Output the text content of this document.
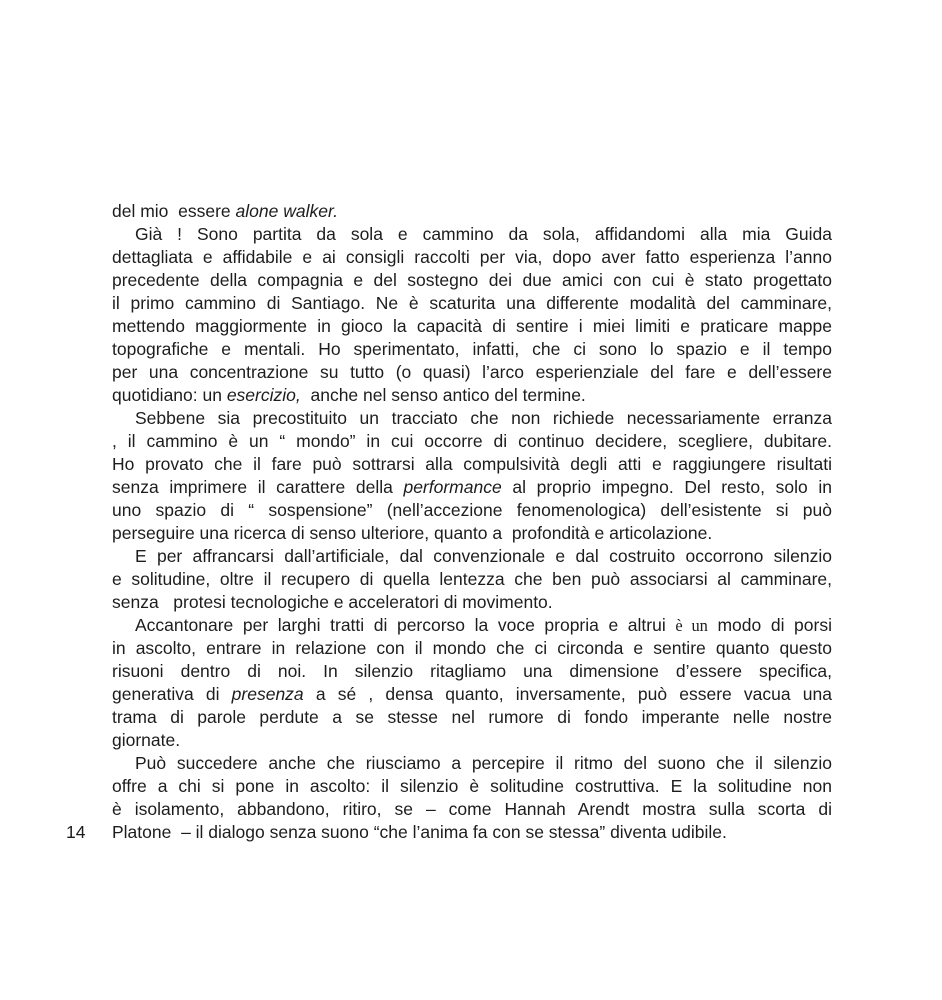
14
del mio  essere alone walker.
Già ! Sono partita da sola e cammino da sola, affidandomi alla mia Guida
dettagliata e affidabile e ai consigli raccolti per via, dopo aver fatto esperienza l’anno
precedente della compagnia e del sostegno dei due amici con cui è stato progettato
il primo cammino di Santiago. Ne è scaturita una differente modalità del camminare,
mettendo maggiormente in gioco la capacità di sentire i miei limiti e praticare mappe
topografiche e mentali. Ho sperimentato, infatti, che ci sono lo spazio e il tempo
per una concentrazione su tutto (o quasi) l’arco esperienziale del fare e dell’essere
quotidiano: un esercizio,  anche nel senso antico del termine.
Sebbene sia precostituito un tracciato che non richiede necessariamente erranza
, il cammino è un “ mondo” in cui occorre di continuo decidere, scegliere, dubitare.
Ho provato che il fare può sottrarsi alla compulsività degli atti e raggiungere risultati
senza imprimere il carattere della performance al proprio impegno. Del resto, solo in
uno spazio di “ sospensione” (nell’accezione fenomenologica) dell’esistente si può
perseguire una ricerca di senso ulteriore, quanto a  profondità e articolazione.
E per affrancarsi dall’artificiale, dal convenzionale e dal costruito occorrono silenzio
e solitudine, oltre il recupero di quella lentezza che ben può associarsi al camminare,
senza   protesi tecnologiche e acceleratori di movimento.
Accantonare per larghi tratti di percorso la voce propria e altrui è un modo di porsi
in ascolto, entrare in relazione con il mondo che ci circonda e sentire quanto questo
risuoni dentro di noi. In silenzio ritagliamo una dimensione d’essere specifica,
generativa di presenza a sé , densa quanto, inversamente, può essere vacua una
trama di parole perdute a se stesse nel rumore di fondo imperante nelle nostre
giornate.
Può succedere anche che riusciamo a percepire il ritmo del suono che il silenzio
offre a chi si pone in ascolto: il silenzio è solitudine costruttiva. E la solitudine non
è isolamento, abbandono, ritiro, se – come Hannah Arendt mostra sulla scorta di
Platone  – il dialogo senza suono “che l’anima fa con se stessa” diventa udibile.
